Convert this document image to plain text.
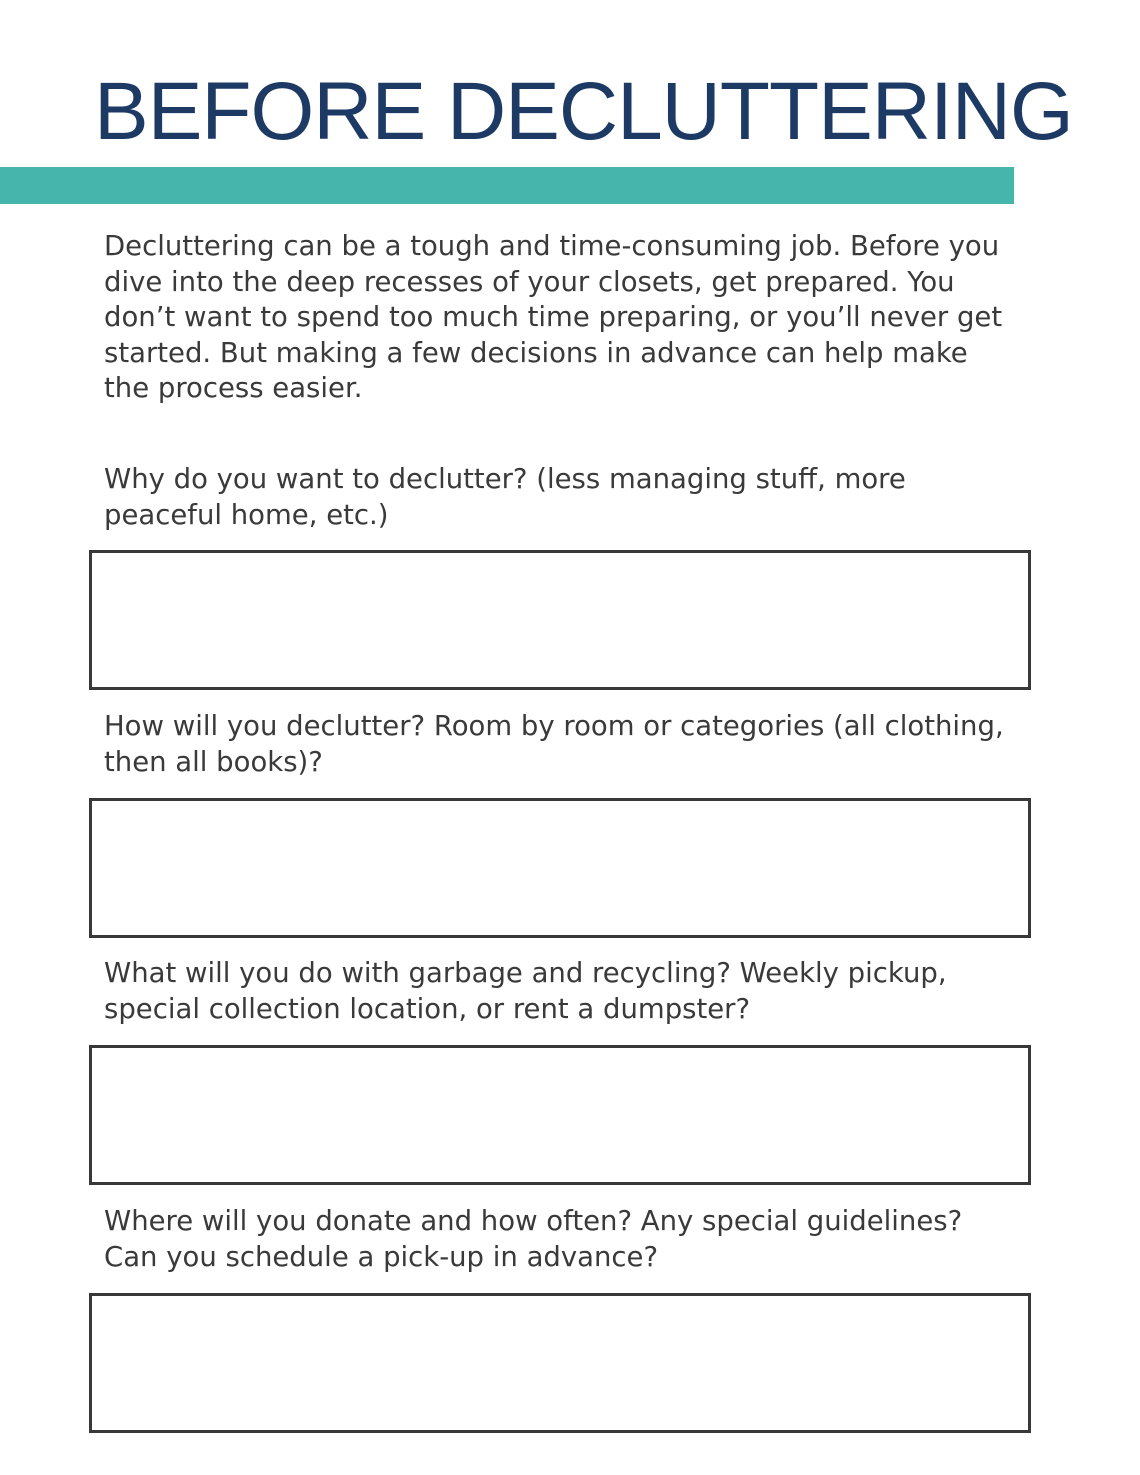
BEFORE DECLUTTERING

Decluttering can be a tough and time-consuming job. Before you dive into the deep recesses of your closets, get prepared. You don’t want to spend too much time preparing, or you’ll never get started. But making a few decisions in advance can help make the process easier.

Why do you want to declutter? (less managing stuff, more peaceful home, etc.)

How will you declutter? Room by room or categories (all clothing, then all books)?

What will you do with garbage and recycling? Weekly pickup, special collection location, or rent a dumpster?

Where will you donate and how often? Any special guidelines? Can you schedule a pick-up in advance?
